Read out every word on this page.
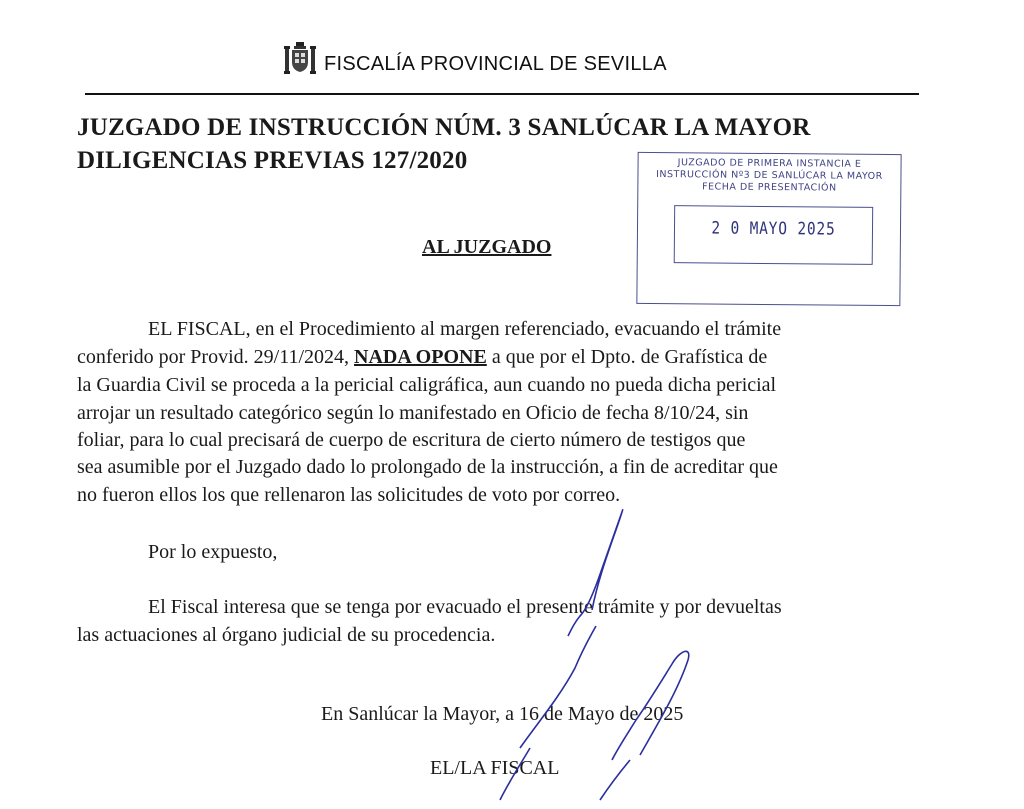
FISCALÍA PROVINCIAL DE SEVILLA
JUZGADO DE INSTRUCCIÓN NÚM. 3 SANLÚCAR LA MAYOR
DILIGENCIAS PREVIAS 127/2020	JUZGADO DE PRIMERA INSTANCIA E
INSTRUCCIÓN Nº3 DE SANLÚCAR LA MAYOR
FECHA DE PRESENTACIÓN
2 0 MAYO 2025
AL JUZGADO
EL FISCAL, en el Procedimiento al margen referenciado, evacuando el trámite
conferido por Provid. 29/11/2024, NADA OPONE a que por el Dpto. de Grafística de
la Guardia Civil se proceda a la pericial caligráfica, aun cuando no pueda dicha pericial
arrojar un resultado categórico según lo manifestado en Oficio de fecha 8/10/24, sin
foliar, para lo cual precisará de cuerpo de escritura de cierto número de testigos que
sea asumible por el Juzgado dado lo prolongado de la instrucción, a fin de acreditar que
no fueron ellos los que rellenaron las solicitudes de voto por correo.
Por lo expuesto,
El Fiscal interesa que se tenga por evacuado el presente trámite y por devueltas
las actuaciones al órgano judicial de su procedencia.
En Sanlúcar la Mayor, a 16 de Mayo de 2025
EL/LA FISCAL
